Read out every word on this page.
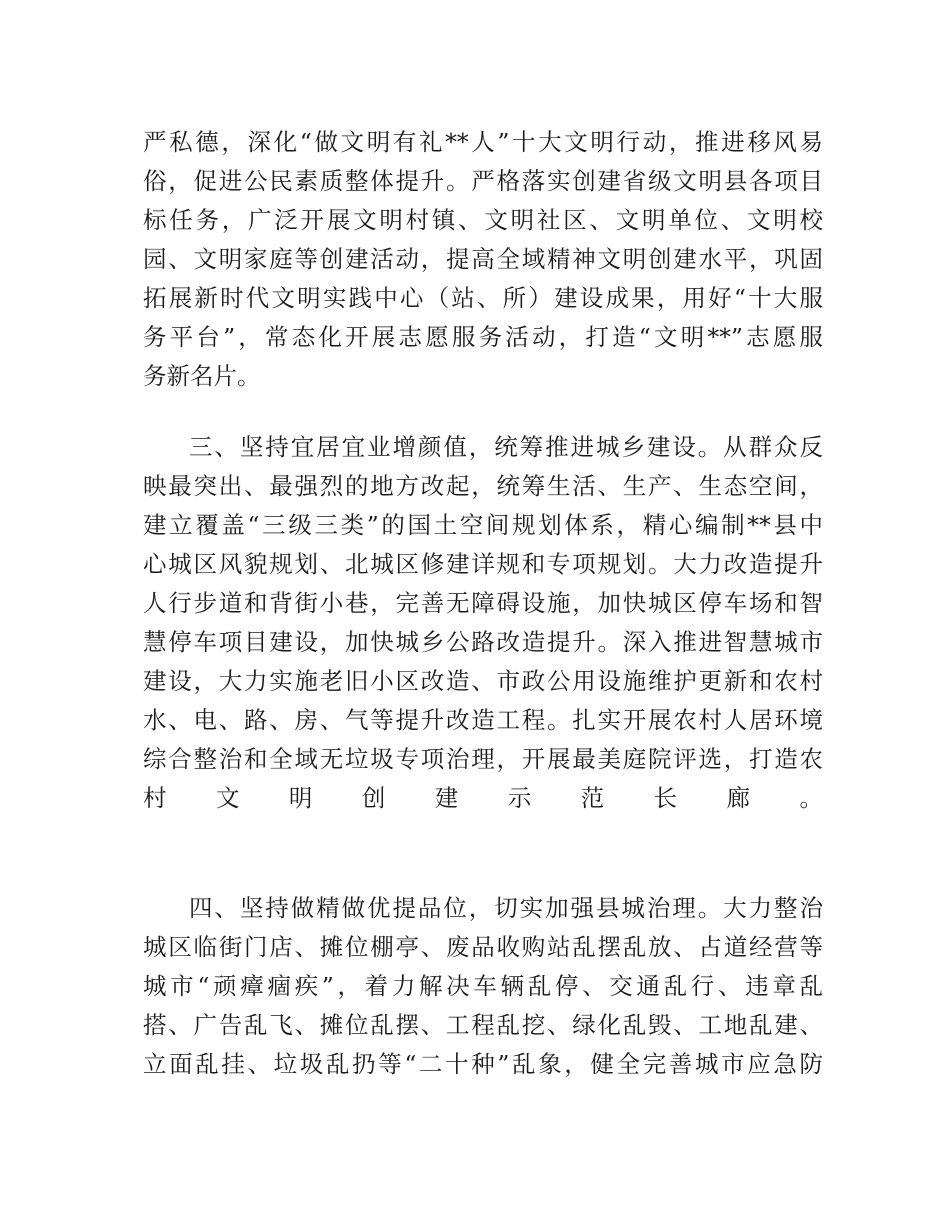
严私德，深化“做文明有礼**人”十大文明行动，推进移风易
俗，促进公民素质整体提升。严格落实创建省级文明县各项目
标任务，广泛开展文明村镇、文明社区、文明单位、文明校
园、文明家庭等创建活动，提高全域精神文明创建水平，巩固
拓展新时代文明实践中心（站、所）建设成果，用好“十大服
务平台”，常态化开展志愿服务活动，打造“文明**”志愿服
务新名片。
三、坚持宜居宜业增颜值，统筹推进城乡建设。从群众反
映最突出、最强烈的地方改起，统筹生活、生产、生态空间，
建立覆盖“三级三类”的国土空间规划体系，精心编制**县中
心城区风貌规划、北城区修建详规和专项规划。大力改造提升
人行步道和背街小巷，完善无障碍设施，加快城区停车场和智
慧停车项目建设，加快城乡公路改造提升。深入推进智慧城市
建设，大力实施老旧小区改造、市政公用设施维护更新和农村
水、电、路、房、气等提升改造工程。扎实开展农村人居环境
综合整治和全域无垃圾专项治理，开展最美庭院评选，打造农
村文明创建示范长廊。
四、坚持做精做优提品位，切实加强县城治理。大力整治
城区临街门店、摊位棚亭、废品收购站乱摆乱放、占道经营等
城市“顽瘴痼疾”，着力解决车辆乱停、交通乱行、违章乱
搭、广告乱飞、摊位乱摆、工程乱挖、绿化乱毁、工地乱建、
立面乱挂、垃圾乱扔等“二十种”乱象，健全完善城市应急防
